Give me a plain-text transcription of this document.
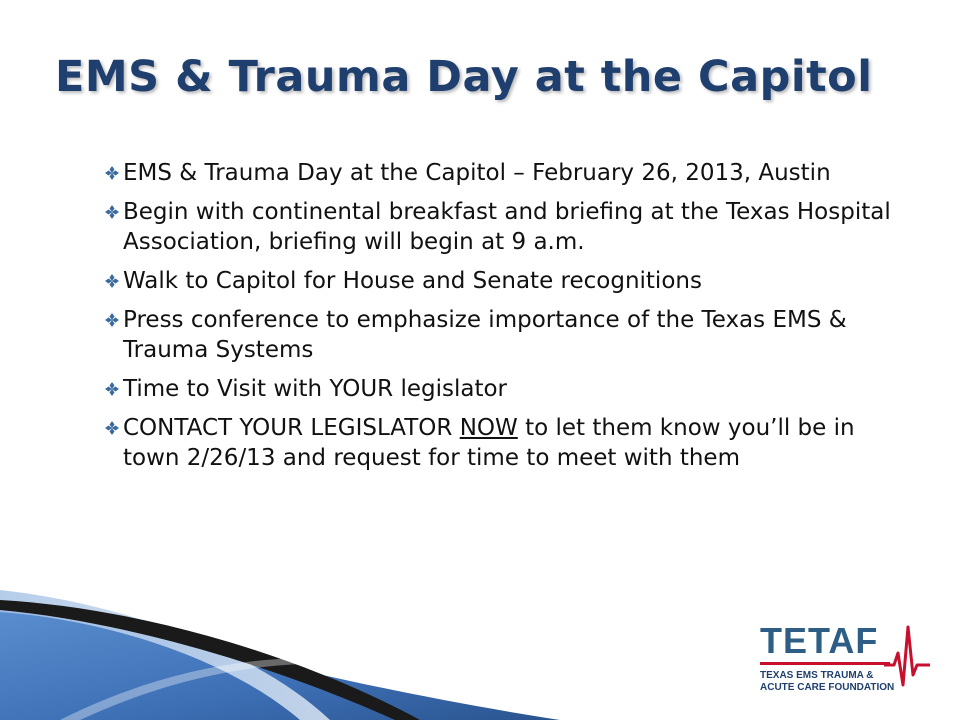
EMS & Trauma Day at the Capitol
EMS & Trauma Day at the Capitol – February 26, 2013, Austin
Begin with continental breakfast and briefing at the Texas Hospital Association, briefing will begin at 9 a.m.
Walk to Capitol for House and Senate recognitions
Press conference to emphasize importance of the Texas EMS & Trauma Systems
Time to Visit with YOUR legislator
CONTACT YOUR LEGISLATOR NOW to let them know you’ll be in town 2/26/13 and request for time to meet with them
TETAF
TEXAS EMS TRAUMA &
ACUTE CARE FOUNDATION
